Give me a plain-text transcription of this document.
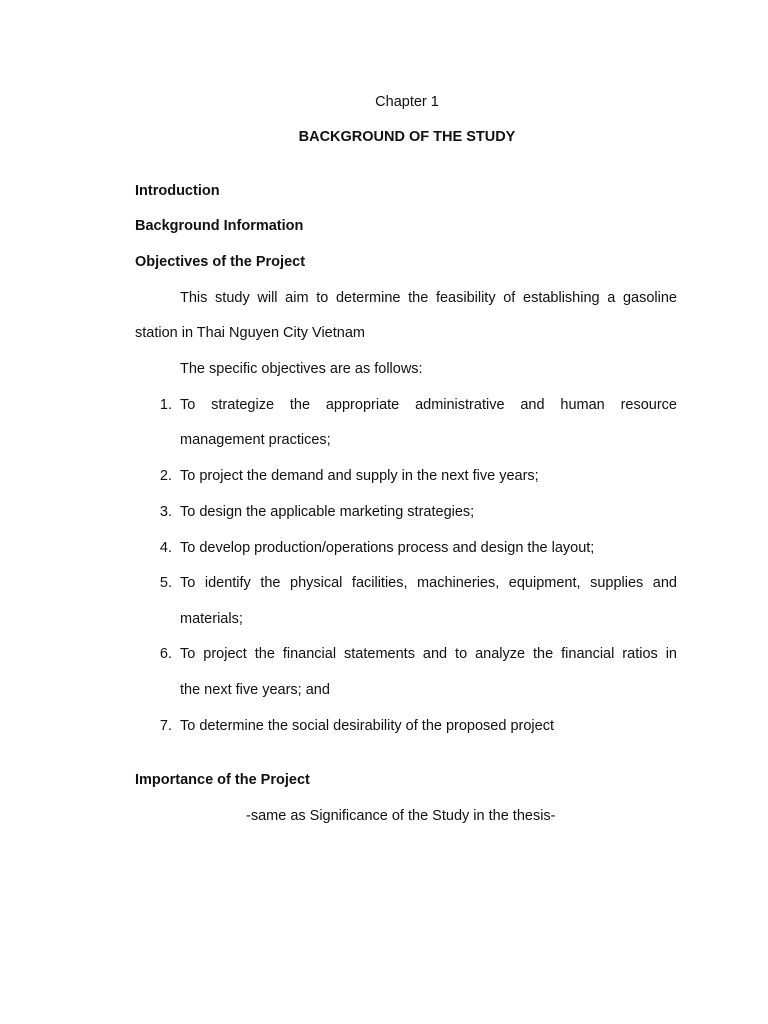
Chapter 1
BACKGROUND OF THE STUDY
Introduction
Background Information
Objectives of the Project
This study will aim to determine the feasibility of establishing a gasoline
station in Thai Nguyen City Vietnam
The specific objectives are as follows:
1. To strategize the appropriate administrative and human resource
management practices;
2. To project the demand and supply in the next five years;
3. To design the applicable marketing strategies;
4. To develop production/operations process and design the layout;
5. To identify the physical facilities, machineries, equipment, supplies and
materials;
6. To project the financial statements and to analyze the financial ratios in
the next five years; and
7. To determine the social desirability of the proposed project
Importance of the Project
-same as Significance of the Study in the thesis-
